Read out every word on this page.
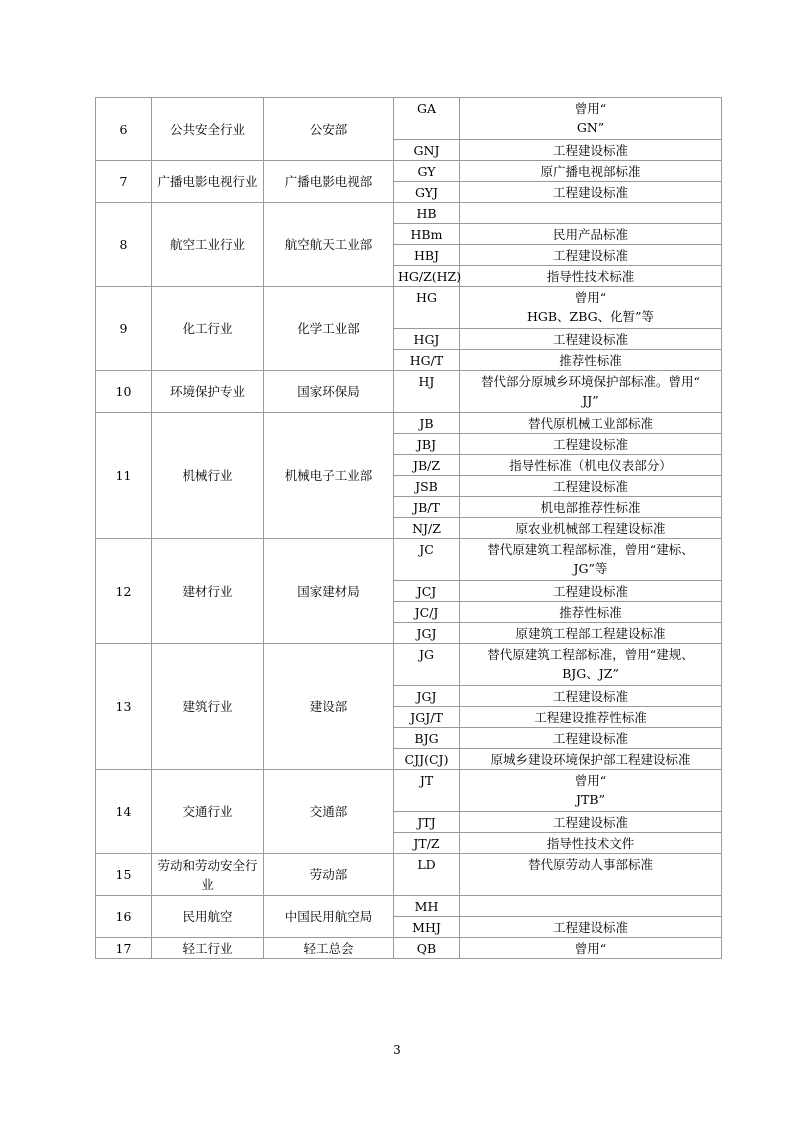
6	公共安全行业	公安部	GA	曾用“
GN”
			GNJ	工程建设标准
7	广播电影电视行业	广播电影电视部	GY	原广播电视部标准
			GYJ	工程建设标准
8	航空工业行业	航空航天工业部	HB	
			HBm	民用产品标准
			HBJ	工程建设标准
			HG/Z(HZ)	指导性技术标准
9	化工行业	化学工业部	HG	曾用“
HGB、ZBG、化暂”等
			HGJ	工程建设标准
			HG/T	推荐性标准
10	环境保护专业	国家环保局	HJ	替代部分原城乡环境保护部标准。曾用“
JJ”
11	机械行业	机械电子工业部	JB	替代原机械工业部标准
			JBJ	工程建设标准
			JB/Z	指导性标准（机电仪表部分）
			JSB	工程建设标准
			JB/T	机电部推荐性标准
			NJ/Z	原农业机械部工程建设标准
12	建材行业	国家建材局	JC	替代原建筑工程部标准，曾用“建标、
JG”等
			JCJ	工程建设标准
			JC/J	推荐性标准
			JGJ	原建筑工程部工程建设标准
13	建筑行业	建设部	JG	替代原建筑工程部标准，曾用“建规、
BJG、JZ”
			JGJ	工程建设标准
			JGJ/T	工程建设推荐性标准
			BJG	工程建设标准
			CJJ(CJ)	原城乡建设环境保护部工程建设标准
14	交通行业	交通部	JT	曾用“
JTB”
			JTJ	工程建设标准
			JT/Z	指导性技术文件
15	劳动和劳动安全行
业	劳动部	LD	替代原劳动人事部标准
16	民用航空	中国民用航空局	MH	
			MHJ	工程建设标准
17	轻工行业	轻工总会	QB	曾用“
3
